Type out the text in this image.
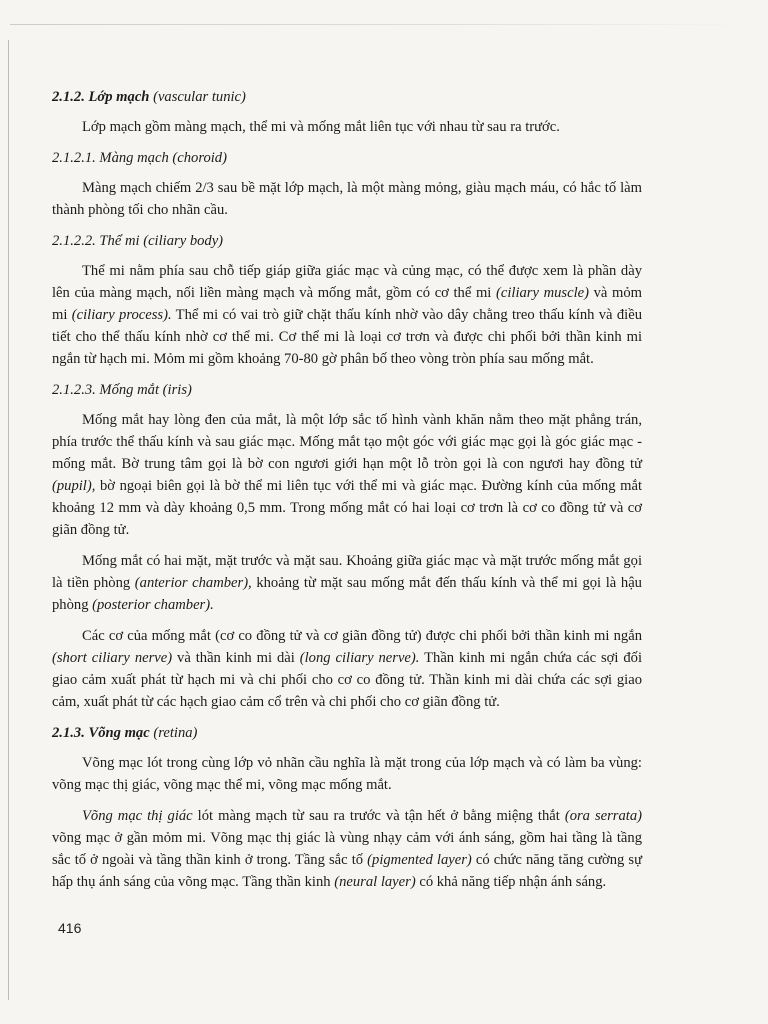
2.1.2. Lớp mạch (vascular tunic)

Lớp mạch gồm màng mạch, thể mi và mống mắt liên tục với nhau từ sau ra trước.

2.1.2.1. Màng mạch (choroid)

Màng mạch chiếm 2/3 sau bề mặt lớp mạch, là một màng mỏng, giàu mạch máu, có hắc tố làm thành phòng tối cho nhãn cầu.

2.1.2.2. Thể mi (ciliary body)

Thể mi nằm phía sau chỗ tiếp giáp giữa giác mạc và củng mạc, có thể được xem là phần dày lên của màng mạch, nối liền màng mạch và mống mắt, gồm có cơ thể mi (ciliary muscle) và mỏm mi (ciliary process). Thể mi có vai trò giữ chặt thấu kính nhờ vào dây chằng treo thấu kính và điều tiết cho thể thấu kính nhờ cơ thể mi. Cơ thể mi là loại cơ trơn và được chi phối bởi thần kinh mi ngắn từ hạch mi. Mỏm mi gồm khoảng 70-80 gờ phân bố theo vòng tròn phía sau mống mắt.

2.1.2.3. Mống mắt (iris)

Mống mắt hay lòng đen của mắt, là một lớp sắc tố hình vành khăn nằm theo mặt phẳng trán, phía trước thể thấu kính và sau giác mạc. Mống mắt tạo một góc với giác mạc gọi là góc giác mạc - mống mắt. Bờ trung tâm gọi là bờ con ngươi giới hạn một lỗ tròn gọi là con ngươi hay đồng tử (pupil), bờ ngoại biên gọi là bờ thể mi liên tục với thể mi và giác mạc. Đường kính của mống mắt khoảng 12 mm và dày khoảng 0,5 mm. Trong mống mắt có hai loại cơ trơn là cơ co đồng tử và cơ giãn đồng tử.

Mống mắt có hai mặt, mặt trước và mặt sau. Khoảng giữa giác mạc và mặt trước mống mắt gọi là tiền phòng (anterior chamber), khoảng từ mặt sau mống mắt đến thấu kính và thể mi gọi là hậu phòng (posterior chamber).

Các cơ của mống mắt (cơ co đồng tử và cơ giãn đồng tử) được chi phối bởi thần kinh mi ngắn (short ciliary nerve) và thần kinh mi dài (long ciliary nerve). Thần kinh mi ngắn chứa các sợi đối giao cảm xuất phát từ hạch mi và chi phối cho cơ co đồng tử. Thần kinh mi dài chứa các sợi giao cảm, xuất phát từ các hạch giao cảm cổ trên và chi phối cho cơ giãn đồng tử.

2.1.3. Võng mạc (retina)

Võng mạc lót trong cùng lớp vỏ nhãn cầu nghĩa là mặt trong của lớp mạch và có làm ba vùng: võng mạc thị giác, võng mạc thể mi, võng mạc mống mắt.

Võng mạc thị giác lót màng mạch từ sau ra trước và tận hết ở bằng miệng thắt (ora serrata) võng mạc ở gần mỏm mi. Võng mạc thị giác là vùng nhạy cảm với ánh sáng, gồm hai tầng là tầng sắc tố ở ngoài và tầng thần kinh ở trong. Tầng sắc tố (pigmented layer) có chức năng tăng cường sự hấp thụ ánh sáng của võng mạc. Tầng thần kinh (neural layer) có khả năng tiếp nhận ánh sáng.

416
